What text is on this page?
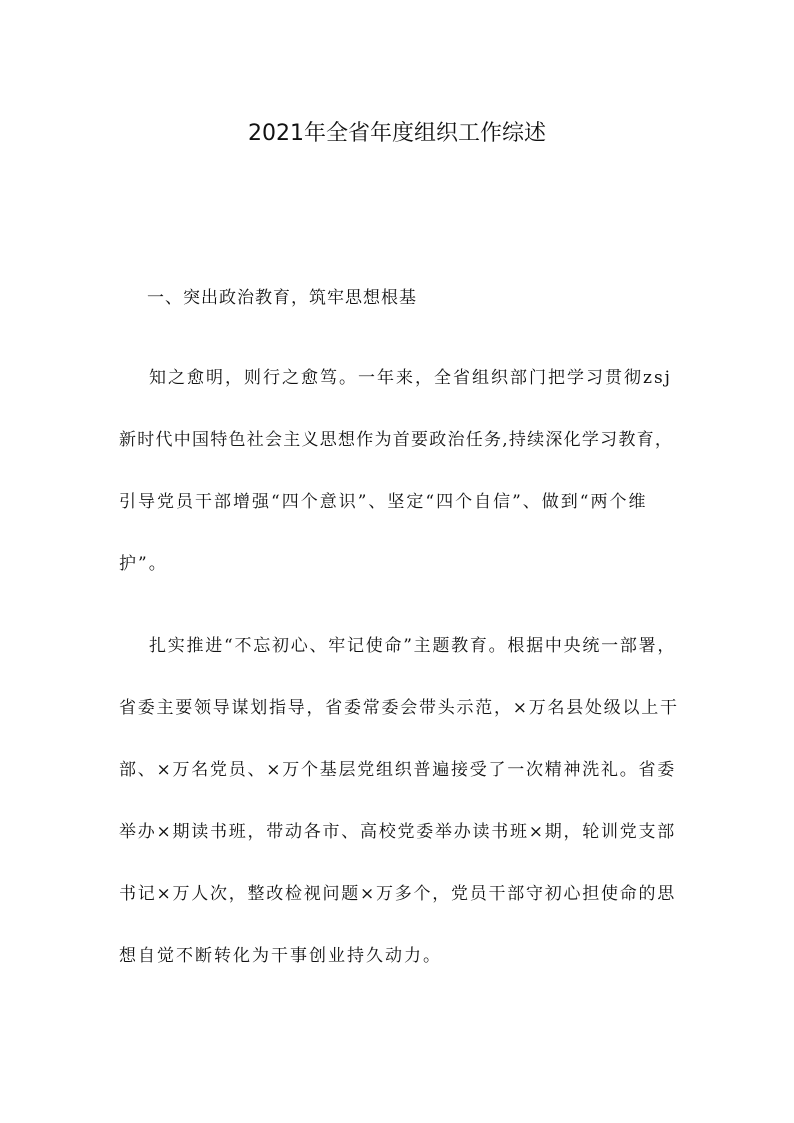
2021年全省年度组织工作综述
一、突出政治教育，筑牢思想根基
知之愈明，则行之愈笃。一年来，全省组织部门把学习贯彻zsj
新时代中国特色社会主义思想作为首要政治任务,持续深化学习教育，
引导党员干部增强“四个意识”、坚定“四个自信”、做到“两个维
护”。
扎实推进“不忘初心、牢记使命”主题教育。根据中央统一部署，
省委主要领导谋划指导，省委常委会带头示范，×万名县处级以上干
部、×万名党员、×万个基层党组织普遍接受了一次精神洗礼。省委
举办×期读书班，带动各市、高校党委举办读书班×期，轮训党支部
书记×万人次，整改检视问题×万多个，党员干部守初心担使命的思
想自觉不断转化为干事创业持久动力。
